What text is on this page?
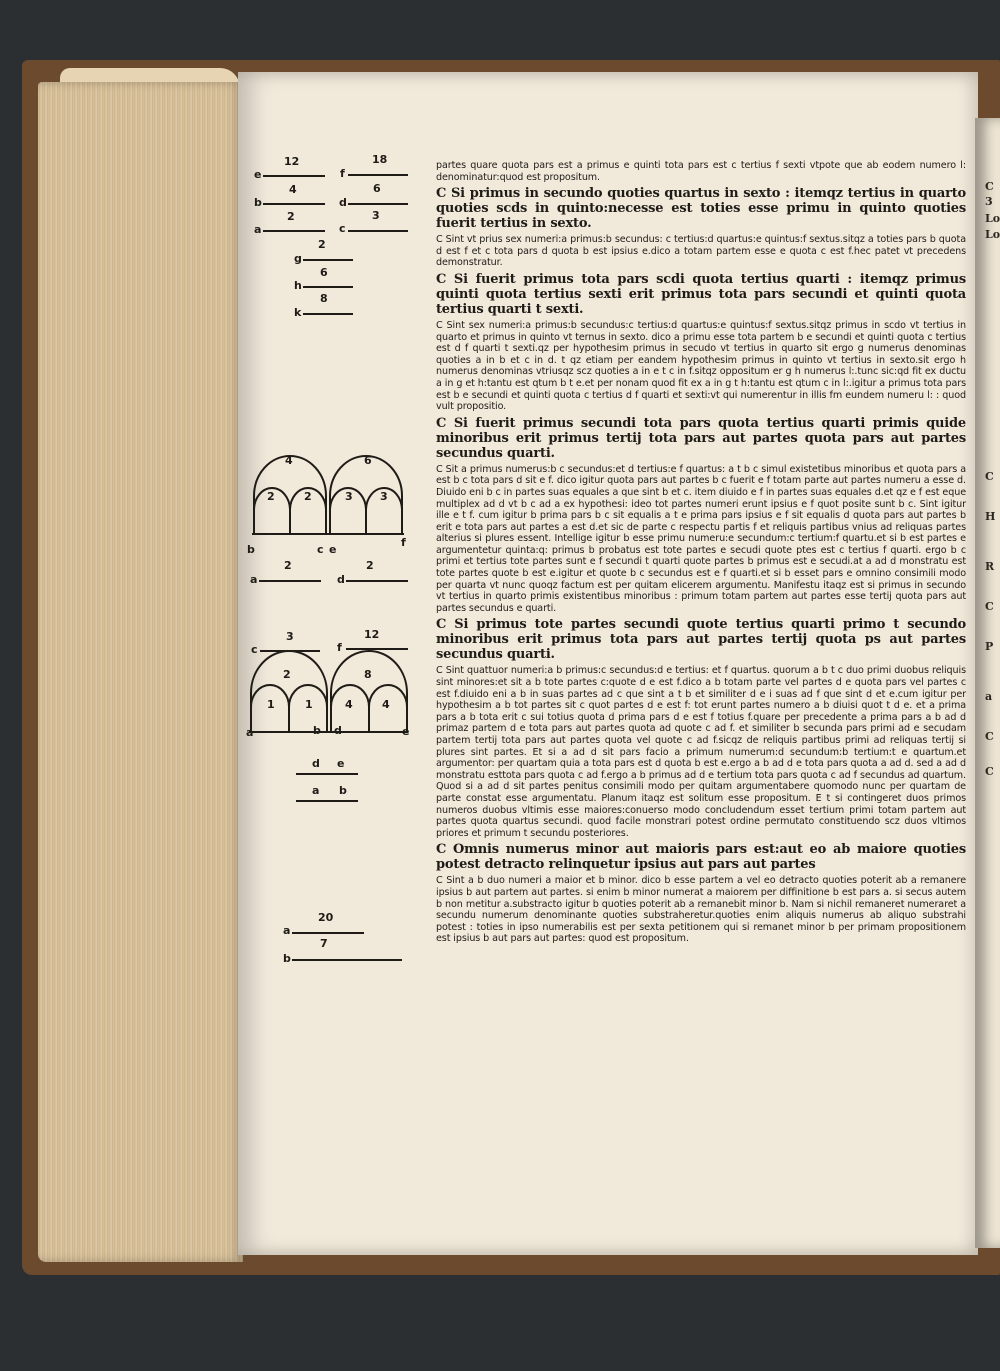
C
3
Lo
Lo
C
H
R
C
P
a
C
C
12
e
18
f
4
b
6
d
2
a
3
c
2
g
6
h
8
k
4
2	2
6
3 3
b	c e
f
2
a
2
d
3
c
12
f
2
1	1
8
4	4
a	b d	e
d e
a b
20
a
7
b

partes quare quota pars est a primus e quinti tota pars est c tertius f sexti vtpote que ab eodem numero l: denominatur:quod est propositum.

C Si primus in secundo quoties quartus in sexto : itemqz tertius in quarto quoties scds in quinto:necesse est toties esse primu in quinto quoties fuerit tertius in sexto.

C Sint vt prius sex numeri:a primus:b secundus: c tertius:d quartus:e quintus:f sextus.sitqz a toties pars b quota d est f et c tota pars d quota b est ipsius e.dico a totam partem esse e quota c est f.hec patet vt precedens demonstratur.

C Si fuerit primus tota pars scdi quota tertius quarti : itemqz primus quinti quota tertius sexti erit primus tota pars secundi et quinti quota tertius quarti t sexti.

C Sint sex numeri:a primus:b secundus:c tertius:d quartus:e quintus:f sextus.sitqz primus in scdo vt tertius in quarto et primus in quinto vt ternus in sexto. dico a primu esse tota partem b e secundi et quinti quota c tertius est d f quarti t sexti.qz per hypothesim primus in secudo vt tertius in quarto sit ergo g numerus denominas quoties a in b et c in d. t qz etiam per eandem hypothesim primus in quinto vt tertius in sexto.sit ergo h numerus denominas vtriusqz scz quoties a in e t c in f.sitqz oppositum er g h numerus l:.tunc sic:qd fit ex ductu a in g et h:tantu est qtum b t e.et per nonam quod fit ex a in g t h:tantu est qtum c in l:.igitur a primus tota pars est b e secundi et quinti quota c tertius d f quarti et sexti:vt qui numerentur in illis fm eundem numeru l: : quod vult propositio.

C Si fuerit primus secundi tota pars quota tertius quarti primis quide minoribus erit primus tertij tota pars aut partes quota pars aut partes secundus quarti.

C Sit a primus numerus:b c secundus:et d tertius:e f quartus: a t b c simul existetibus minoribus et quota pars a est b c tota pars d sit e f. dico igitur quota pars aut partes b c fuerit e f totam parte aut partes numeru a esse d. Diuido eni b c in partes suas equales a que sint b et c. item diuido e f in partes suas equales d.et qz e f est eque multiplex ad d vt b c ad a ex hypothesi: ideo tot partes numeri erunt ipsius e f quot posite sunt b c. Sint igitur ille e t f. cum igitur b prima pars b c sit equalis a t e prima pars ipsius e f sit equalis d quota pars aut partes b erit e tota pars aut partes a est d.et sic de parte c respectu partis f et reliquis partibus vnius ad reliquas partes alterius si plures essent. Intellige igitur b esse primu numeru:e secundum:c tertium:f quartu.et si b est partes e argumentetur quinta:q: primus b probatus est tote partes e secudi quote ptes est c tertius f quarti. ergo b c primi et tertius tote partes sunt e f secundi t quarti quote partes b primus est e secudi.at a ad d monstratu est tote partes quote b est e.igitur et quote b c secundus est e f quarti.et si b esset pars e omnino consimili modo per quarta vt nunc quoqz factum est per quitam elicerem argumentu. Manifestu itaqz est si primus in secundo vt tertius in quarto primis existentibus minoribus : primum totam partem aut partes esse tertij quota pars aut partes secundus e quarti.

C Si primus tote partes secundi quote tertius quarti primo t secundo minoribus erit primus tota pars aut partes tertij quota ps aut partes secundus quarti.

C Sint quattuor numeri:a b primus:c secundus:d e tertius: et f quartus. quorum a b t c duo primi duobus reliquis sint minores:et sit a b tote partes c:quote d e est f.dico a b totam parte vel partes d e quota pars vel partes c est f.diuido eni a b in suas partes ad c que sint a t b et similiter d e i suas ad f que sint d et e.cum igitur per hypothesim a b tot partes sit c quot partes d e est f: tot erunt partes numero a b diuisi quot t d e. et a prima pars a b tota erit c sui totius quota d prima pars d e est f totius f.quare per precedente a prima pars a b ad d primaz partem d e tota pars aut partes quota ad quote c ad f. et similiter b secunda pars primi ad e secudam partem tertij tota pars aut partes quota vel quote c ad f.sicqz de reliquis partibus primi ad reliquas tertij si plures sint partes. Et si a ad d sit pars facio a primum numerum:d secundum:b tertium:t e quartum.et argumentor: per quartam quia a tota pars est d quota b est e.ergo a b ad d e tota pars quota a ad d. sed a ad d monstratu esttota pars quota c ad f.ergo a b primus ad d e tertium tota pars quota c ad f secundus ad quartum. Quod si a ad d sit partes penitus consimili modo per quitam argumentabere quomodo nunc per quartam de parte constat esse argumentatu. Planum itaqz est solitum esse propositum. E t si contingeret duos primos numeros duobus vltimis esse maiores:conuerso modo concludendum esset tertium primi totam partem aut partes quota quartus secundi. quod facile monstrari potest ordine permutato constituendo scz duos vltimos priores et primum t secundu posteriores.

C Omnis numerus minor aut maioris pars est:aut eo ab maiore quoties potest detracto relinquetur ipsius aut pars aut partes

C Sint a b duo numeri a maior et b minor. dico b esse partem a vel eo detracto quoties poterit ab a remanere ipsius b aut partem aut partes. si enim b minor numerat a maiorem per diffinitione b est pars a. si secus autem b non metitur a.substracto igitur b quoties poterit ab a remanebit minor b. Nam si nichil remaneret numeraret a secundu numerum denominante quoties substraheretur.quoties enim aliquis numerus ab aliquo substrahi potest : toties in ipso numerabilis est per sexta petitionem qui si remanet minor b per primam propositionem est ipsius b aut pars aut partes: quod est propositum.
